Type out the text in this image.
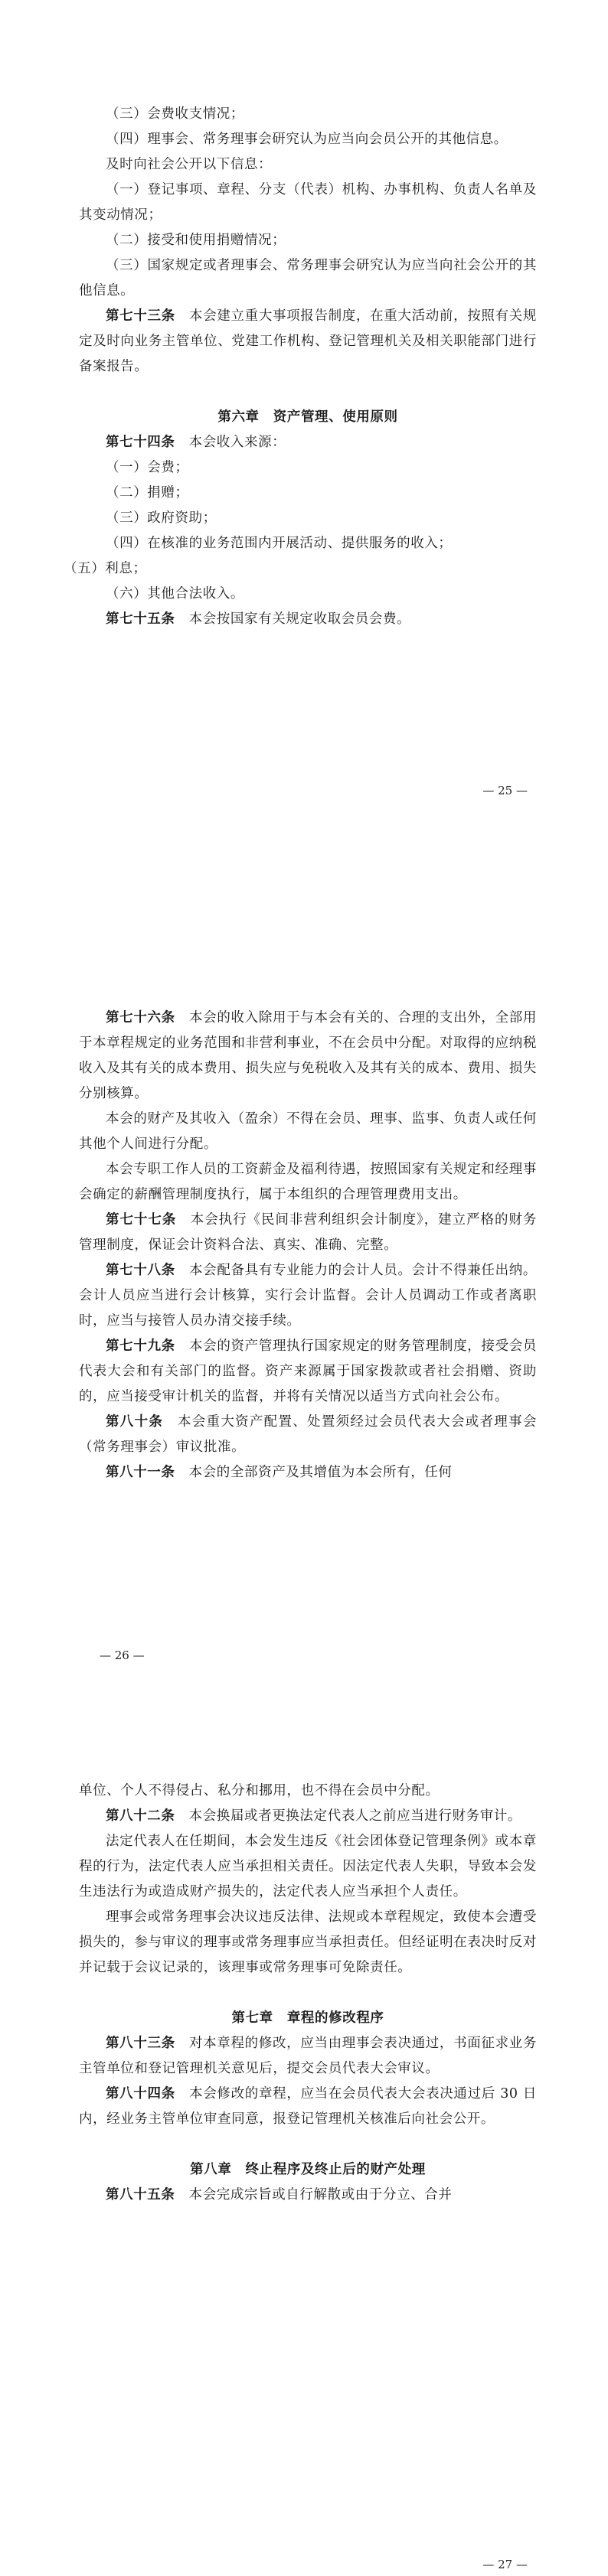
（三）会费收支情况；

（四）理事会、常务理事会研究认为应当向会员公开的其他信息。

及时向社会公开以下信息：

（一）登记事项、章程、分支（代表）机构、办事机构、负责人名单及其变动情况；

（二）接受和使用捐赠情况；

（三）国家规定或者理事会、常务理事会研究认为应当向社会公开的其他信息。

第七十三条　 本会建立重大事项报告制度，在重大活动前，按照有关规定及时向业务主管单位、党建工作机构、登记管理机关及相关职能部门进行备案报告。

第六章　资产管理、使用原则

第七十四条　 本会收入来源：

（一）会费；

（二）捐赠；

（三）政府资助；

（四）在核准的业务范围内开展活动、提供服务的收入；

（五）利息；

（六）其他合法收入。

第七十五条　 本会按国家有关规定收取会员会费。

— 25 —

第七十六条　 本会的收入除用于与本会有关的、合理的支出外，全部用于本章程规定的业务范围和非营利事业，不在会员中分配。对取得的应纳税收入及其有关的成本费用、损失应与免税收入及其有关的成本、费用、损失分别核算。

本会的财产及其收入（盈余）不得在会员、理事、监事、负责人或任何其他个人间进行分配。

本会专职工作人员的工资薪金及福利待遇，按照国家有关规定和经理事会确定的薪酬管理制度执行，属于本组织的合理管理费用支出。

第七十七条　 本会执行《民间非营利组织会计制度》，建立严格的财务管理制度，保证会计资料合法、真实、准确、完整。

第七十八条　 本会配备具有专业能力的会计人员。会计不得兼任出纳。会计人员应当进行会计核算，实行会计监督。会计人员调动工作或者离职时，应当与接管人员办清交接手续。

第七十九条　 本会的资产管理执行国家规定的财务管理制度，接受会员代表大会和有关部门的监督。资产来源属于国家拨款或者社会捐赠、资助的，应当接受审计机关的监督，并将有关情况以适当方式向社会公布。

第八十条　 本会重大资产配置、处置须经过会员代表大会或者理事会（常务理事会）审议批准。

第八十一条　 本会的全部资产及其增值为本会所有，任何

— 26 —

单位、个人不得侵占、私分和挪用，也不得在会员中分配。

第八十二条　 本会换届或者更换法定代表人之前应当进行财务审计。

法定代表人在任期间，本会发生违反《社会团体登记管理条例》或本章程的行为，法定代表人应当承担相关责任。因法定代表人失职，导致本会发生违法行为或造成财产损失的，法定代表人应当承担个人责任。

理事会或常务理事会决议违反法律、法规或本章程规定，致使本会遭受损失的，参与审议的理事或常务理事应当承担责任。但经证明在表决时反对并记载于会议记录的，该理事或常务理事可免除责任。

第七章　章程的修改程序

第八十三条　 对本章程的修改，应当由理事会表决通过，书面征求业务主管单位和登记管理机关意见后，提交会员代表大会审议。

第八十四条　 本会修改的章程，应当在会员代表大会表决通过后 30 日内，经业务主管单位审查同意，报登记管理机关核准后向社会公开。

第八章　终止程序及终止后的财产处理

第八十五条　 本会完成宗旨或自行解散或由于分立、合并

— 27 —
